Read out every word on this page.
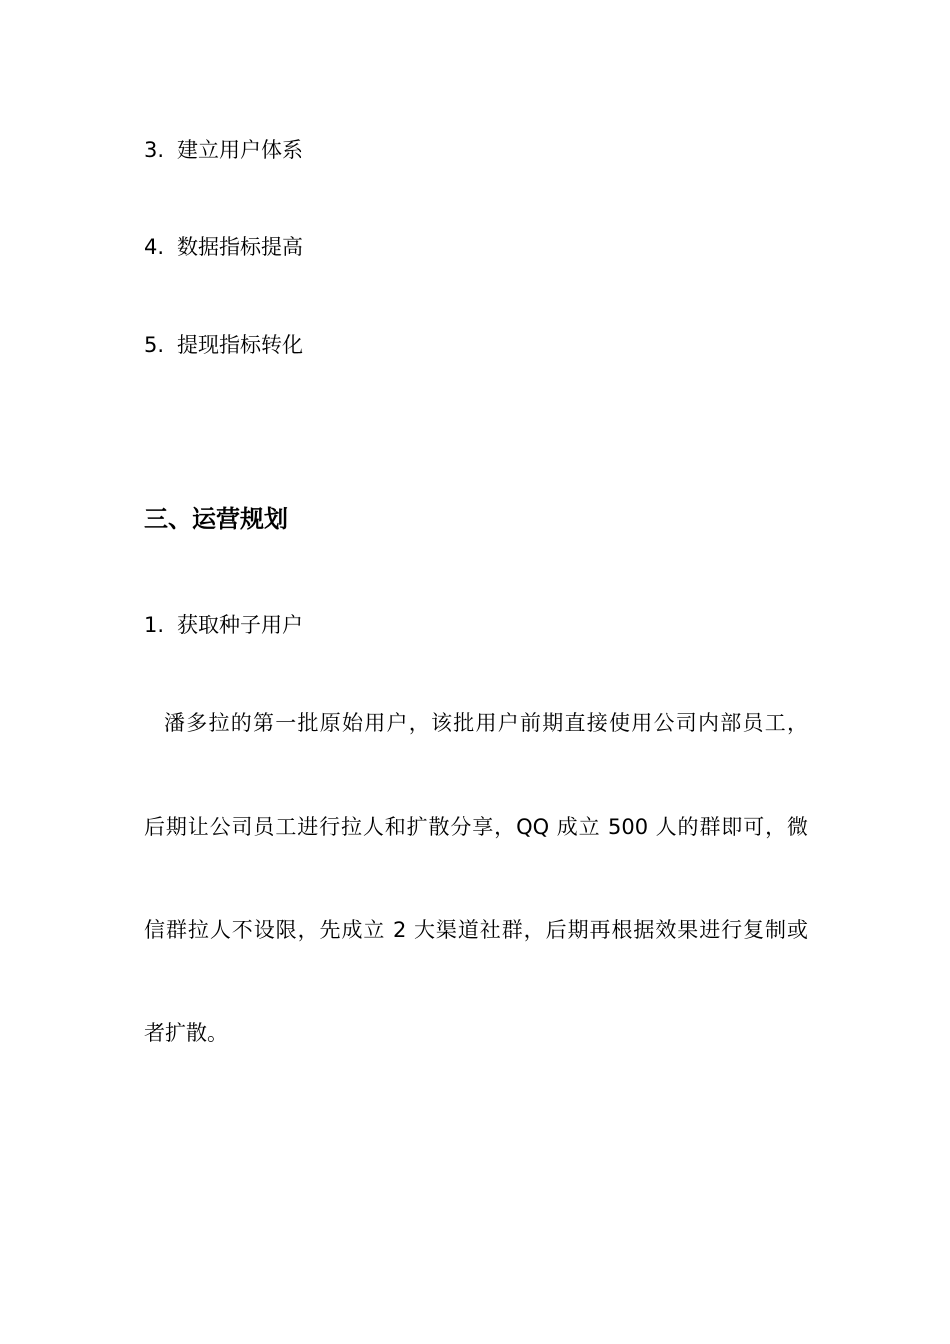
3. 建立用户体系
4. 数据指标提高
5. 提现指标转化
三、运营规划
1. 获取种子用户
潘多拉的第一批原始用户，该批用户前期直接使用公司内部员工，
后期让公司员工进行拉人和扩散分享，QQ 成立 500 人的群即可，微
信群拉人不设限，先成立 2 大渠道社群，后期再根据效果进行复制或
者扩散。
